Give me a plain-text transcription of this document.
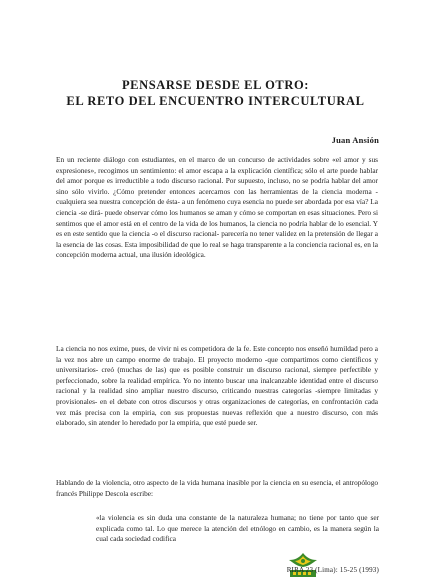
PENSARSE DESDE EL OTRO:
EL RETO DEL ENCUENTRO INTERCULTURAL
Juan Ansión

En un reciente diálogo con estudiantes, en el marco de un concurso de actividades sobre «el amor y sus expresiones», recogimos un sentimiento: el amor escapa a la explicación científica; sólo el arte puede hablar del amor porque es irreductible a todo discurso racional. Por supuesto, incluso, no se podría hablar del amor sino sólo vivirlo. ¿Cómo pretender entonces acercarnos con las herramientas de la ciencia moderna -cualquiera sea nuestra concepción de ésta- a un fenómeno cuya esencia no puede ser abordada por esa vía? La ciencia -se dirá- puede observar cómo los humanos se aman y cómo se comportan en esas situaciones. Pero si sentimos que el amor está en el centro de la vida de los humanos, la ciencia no podría hablar de lo esencial. Y es en este sentido que la ciencia -o el discurso racional- parecería no tener validez en la pretensión de llegar a la esencia de las cosas. Esta imposibilidad de que lo real se haga transparente a la conciencia racional es, en la concepción moderna actual, una ilusión ideológica.

La ciencia no nos exime, pues, de vivir ni es competidora de la fe. Este concepto nos enseñó humildad pero a la vez nos abre un campo enorme de trabajo. El proyecto moderno -que compartimos como científicos y universitarios- creó (muchas de las) que es posible construir un discurso racional, siempre perfectible y perfeccionado, sobre la realidad empírica. Yo no intento buscar una inalcanzable identidad entre el discurso racional y la realidad sino ampliar nuestro discurso, criticando nuestras categorías -siempre limitadas y provisionales- en el debate con otros discursos y otras organizaciones de categorías, en confrontación cada vez más precisa con la empiria, con sus propuestas nuevas reflexión que a nuestro discurso, con más elaborado, sin atender lo heredado por la empiria, que esté puede ser.

Hablando de la violencia, otro aspecto de la vida humana inasible por la ciencia en su esencia, el antropólogo francés Philippe Descola escribe:

«la violencia es sin duda una constante de la naturaleza humana; no tiene por tanto que ser explicada como tal. Lo que merece la atención del etnólogo en cambio, es la manera según la cual cada sociedad codifica

RIRA 23 (Lima): 15-25 (1993)
